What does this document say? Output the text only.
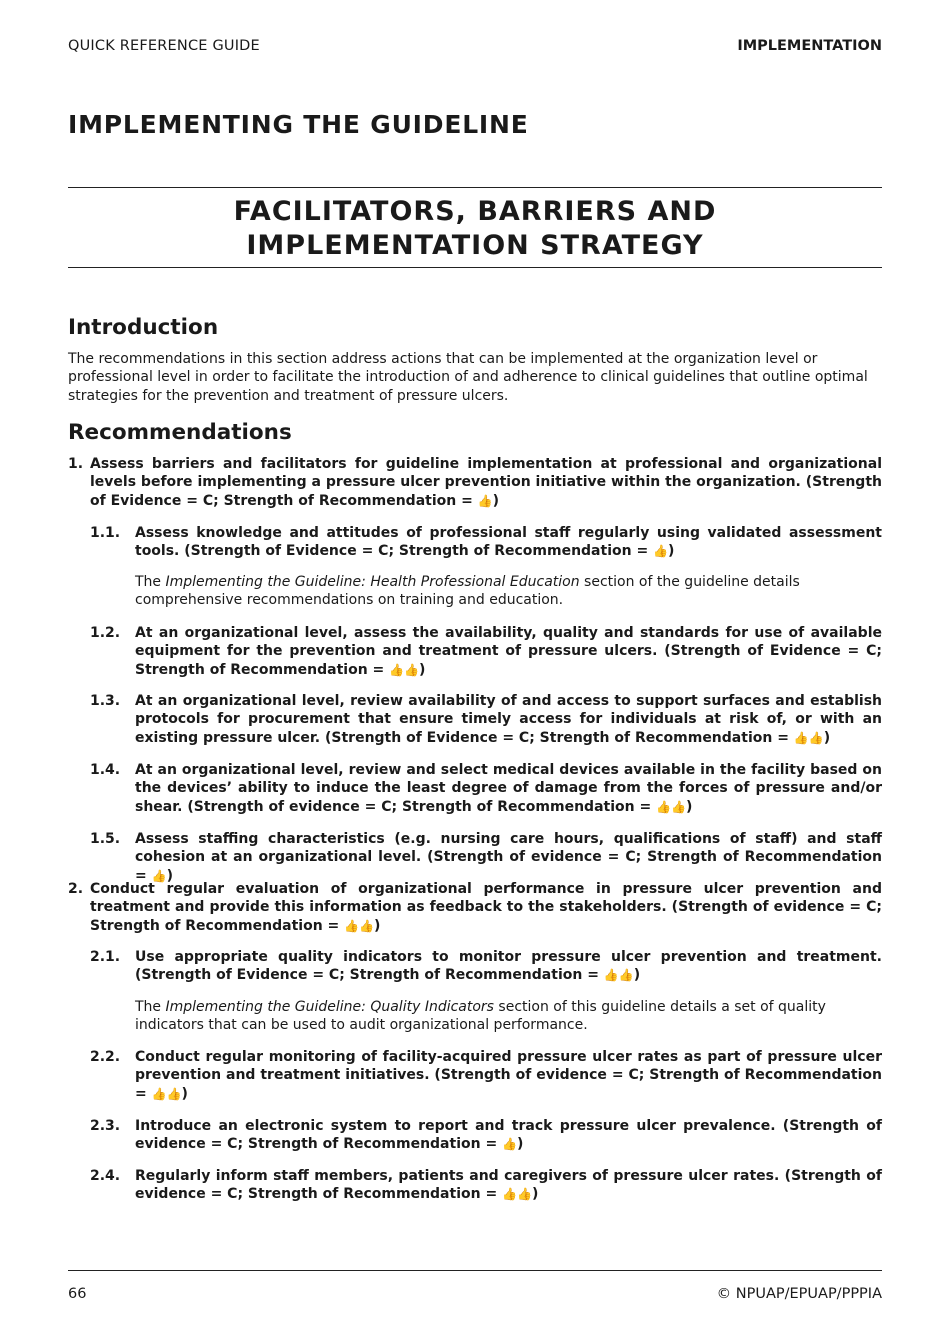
QUICK REFERENCE GUIDE	IMPLEMENTATION
IMPLEMENTING THE GUIDELINE
FACILITATORS, BARRIERS AND
IMPLEMENTATION STRATEGY
Introduction

The recommendations in this section address actions that can be implemented at the organization level or professional level in order to facilitate the introduction of and adherence to clinical guidelines that outline optimal strategies for the prevention and treatment of pressure ulcers.

Recommendations
1. Assess barriers and facilitators for guideline implementation at professional and organizational levels before implementing a pressure ulcer prevention initiative within the organization. (Strength of Evidence = C; Strength of Recommendation = 👍)
1.1. Assess knowledge and attitudes of professional staff regularly using validated assessment tools. (Strength of Evidence = C; Strength of Recommendation = 👍)
The Implementing the Guideline: Health Professional Education section of the guideline details comprehensive recommendations on training and education.
1.2. At an organizational level, assess the availability, quality and standards for use of available equipment for the prevention and treatment of pressure ulcers. (Strength of Evidence = C; Strength of Recommendation = 👍👍)
1.3. At an organizational level, review availability of and access to support surfaces and establish protocols for procurement that ensure timely access for individuals at risk of, or with an existing pressure ulcer. (Strength of Evidence = C; Strength of Recommendation = 👍👍)
1.4. At an organizational level, review and select medical devices available in the facility based on the devices’ ability to induce the least degree of damage from the forces of pressure and/or shear. (Strength of evidence = C; Strength of Recommendation = 👍👍)
1.5. Assess staffing characteristics (e.g. nursing care hours, qualifications of staff) and staff cohesion at an organizational level. (Strength of evidence = C; Strength of Recommendation = 👍)
2. Conduct regular evaluation of organizational performance in pressure ulcer prevention and treatment and provide this information as feedback to the stakeholders. (Strength of evidence = C; Strength of Recommendation = 👍👍)
2.1. Use appropriate quality indicators to monitor pressure ulcer prevention and treatment. (Strength of Evidence = C; Strength of Recommendation = 👍👍)
The Implementing the Guideline: Quality Indicators section of this guideline details a set of quality indicators that can be used to audit organizational performance.
2.2. Conduct regular monitoring of facility-acquired pressure ulcer rates as part of pressure ulcer prevention and treatment initiatives. (Strength of evidence = C; Strength of Recommendation = 👍👍)
2.3. Introduce an electronic system to report and track pressure ulcer prevalence. (Strength of evidence = C; Strength of Recommendation = 👍)
2.4. Regularly inform staff members, patients and caregivers of pressure ulcer rates. (Strength of evidence = C; Strength of Recommendation = 👍👍)
66	© NPUAP/EPUAP/PPPIA
